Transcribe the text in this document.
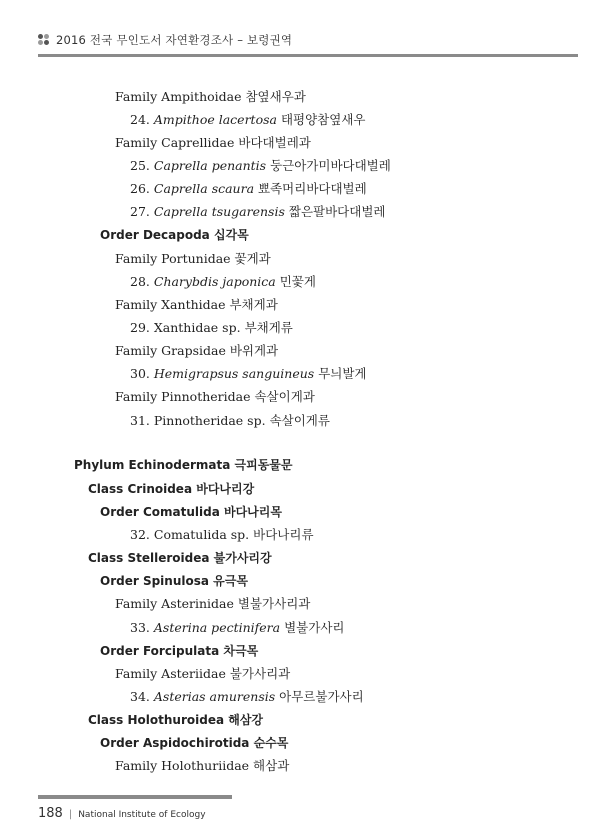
2016 전국 무인도서 자연환경조사 – 보령권역
Family Ampithoidae 참옆새우과
24. Ampithoe lacertosa 태평양참옆새우
Family Caprellidae 바다대벌레과
25. Caprella penantis 둥근아가미바다대벌레
26. Caprella scaura 뾰족머리바다대벌레
27. Caprella tsugarensis 짧은팔바다대벌레
Order Decapoda 십각목
Family Portunidae 꽃게과
28. Charybdis japonica 민꽃게
Family Xanthidae 부채게과
29. Xanthidae sp. 부채게류
Family Grapsidae 바위게과
30. Hemigrapsus sanguineus 무늬발게
Family Pinnotheridae 속살이게과
31. Pinnotheridae sp. 속살이게류
Phylum Echinodermata 극피동물문
Class Crinoidea 바다나리강
Order Comatulida 바다나리목
32. Comatulida sp. 바다나리류
Class Stelleroidea 불가사리강
Order Spinulosa 유극목
Family Asterinidae 별불가사리과
33. Asterina pectinifera 별불가사리
Order Forcipulata 차극목
Family Asteriidae 불가사리과
34. Asterias amurensis 아무르불가사리
Class Holothuroidea 해삼강
Order Aspidochirotida 순수목
Family Holothuriidae 해삼과
188 | National Institute of Ecology
